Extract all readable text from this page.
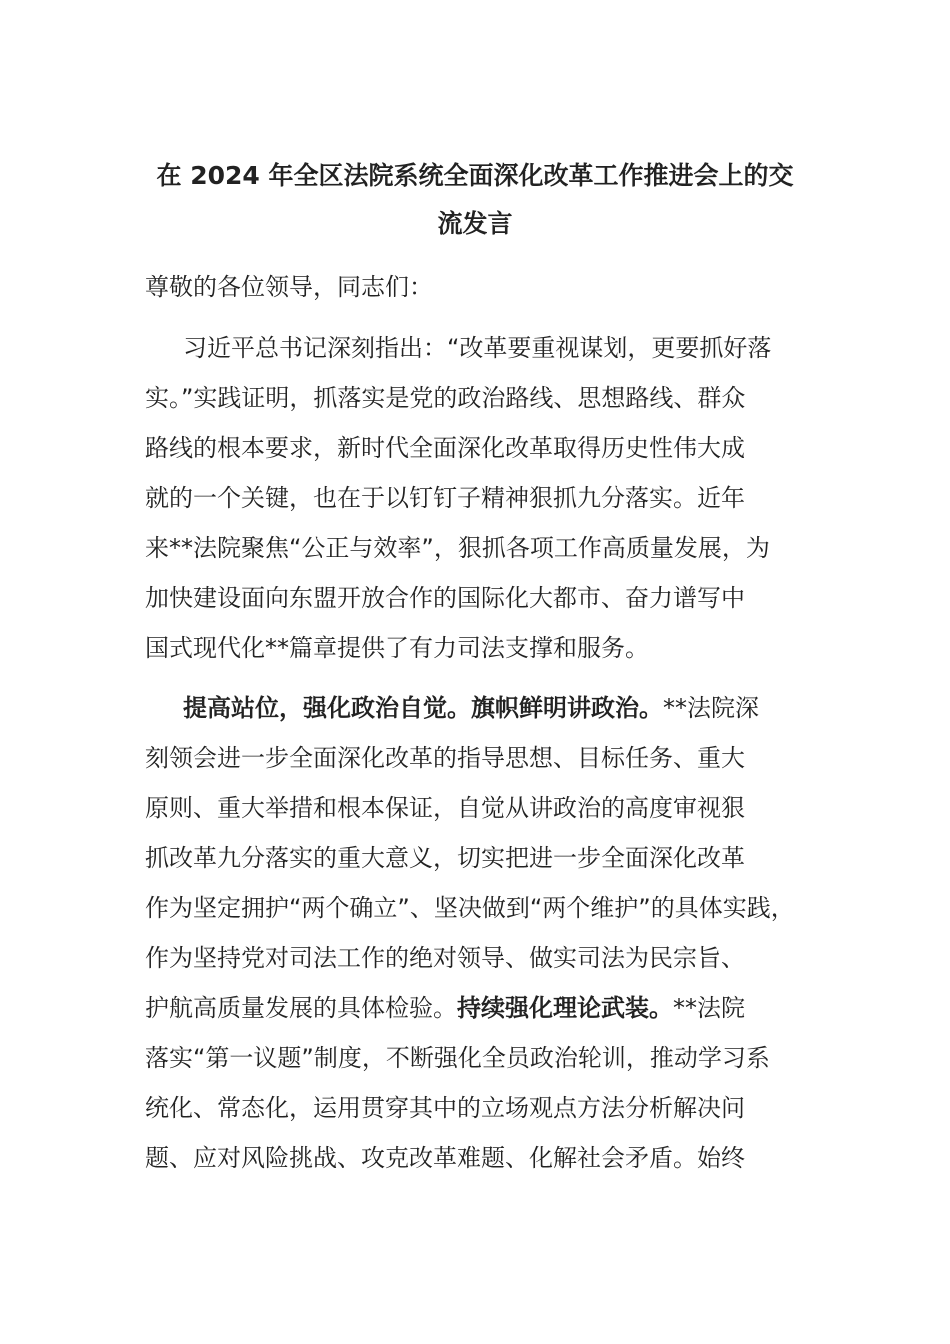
在 2024 年全区法院系统全面深化改革工作推进会上的交
流发言

尊敬的各位领导，同志们：

习近平总书记深刻指出：“改革要重视谋划，更要抓好落
实。”实践证明，抓落实是党的政治路线、思想路线、群众
路线的根本要求，新时代全面深化改革取得历史性伟大成
就的一个关键，也在于以钉钉子精神狠抓九分落实。近年
来**法院聚焦“公正与效率”，狠抓各项工作高质量发展，为
加快建设面向东盟开放合作的国际化大都市、奋力谱写中
国式现代化**篇章提供了有力司法支撑和服务。
提高站位，强化政治自觉。旗帜鲜明讲政治。**法院深
刻领会进一步全面深化改革的指导思想、目标任务、重大
原则、重大举措和根本保证，自觉从讲政治的高度审视狠
抓改革九分落实的重大意义，切实把进一步全面深化改革
作为坚定拥护“两个确立”、坚决做到“两个维护”的具体实践，
作为坚持党对司法工作的绝对领导、做实司法为民宗旨、
护航高质量发展的具体检验。持续强化理论武装。**法院
落实“第一议题”制度，不断强化全员政治轮训，推动学习系
统化、常态化，运用贯穿其中的立场观点方法分析解决问
题、应对风险挑战、攻克改革难题、化解社会矛盾。始终
